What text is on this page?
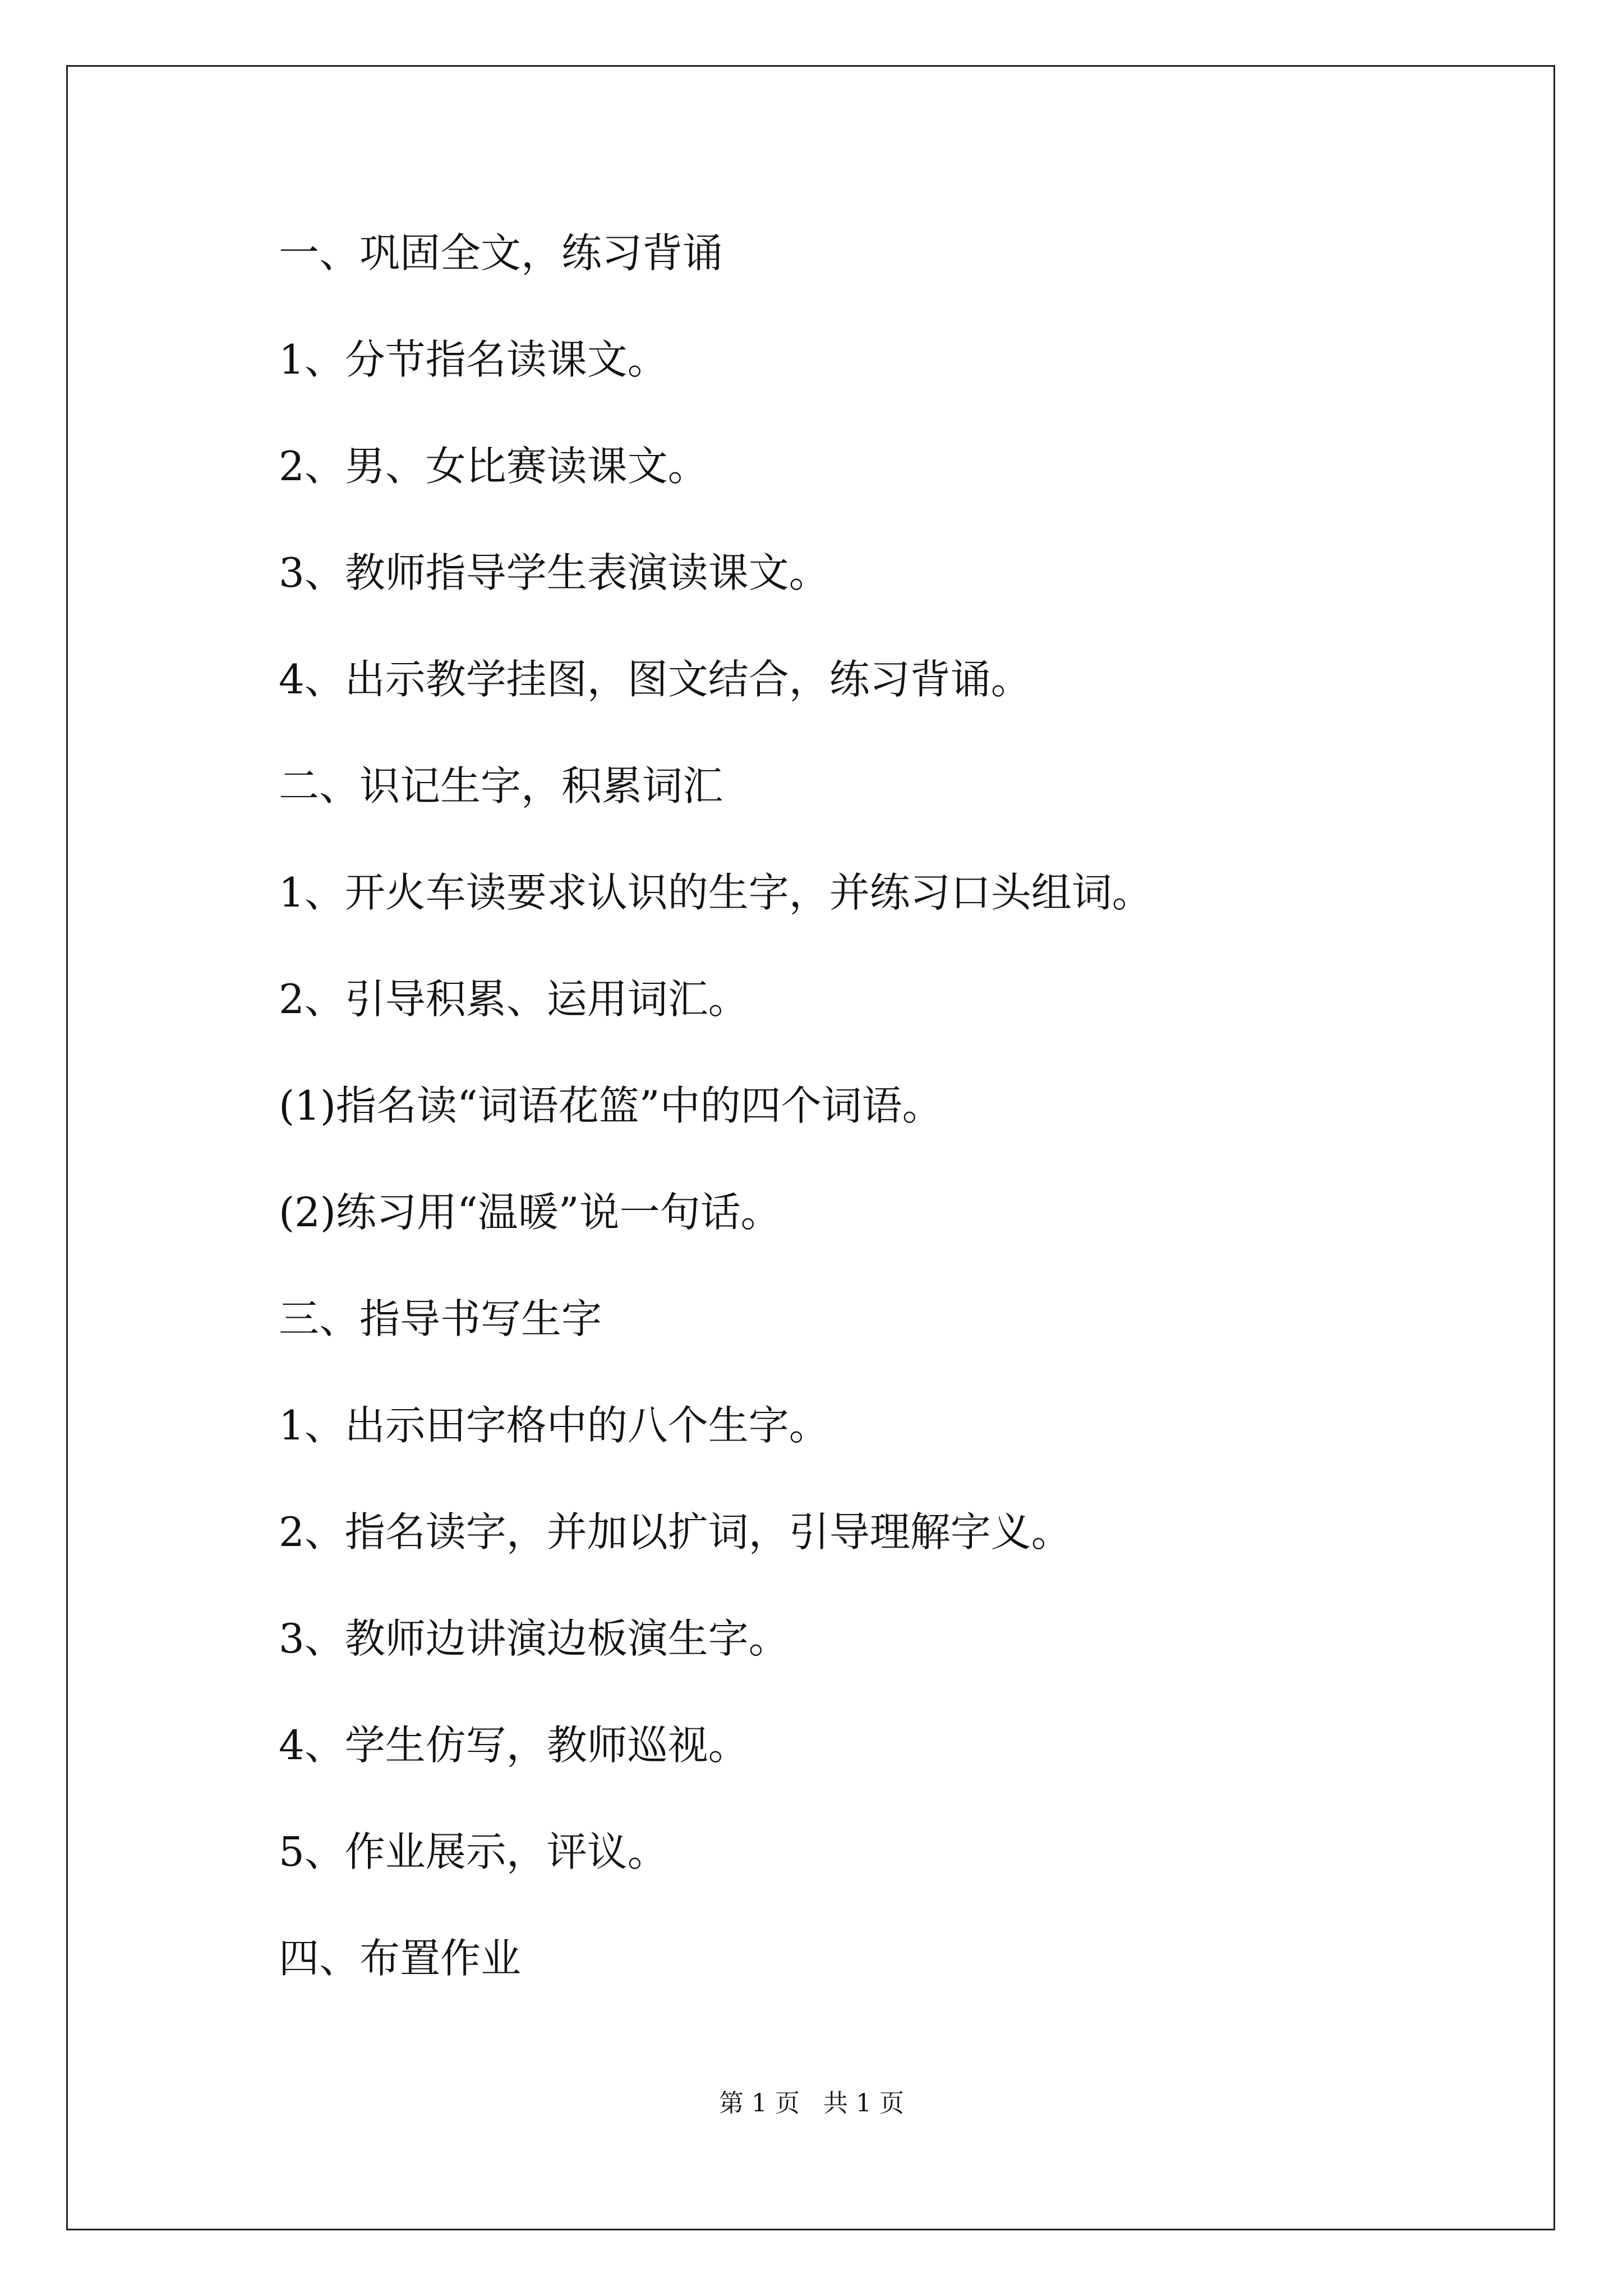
一、巩固全文，练习背诵
1、分节指名读课文。
2、男、女比赛读课文。
3、教师指导学生表演读课文。
4、出示教学挂图，图文结合，练习背诵。
二、识记生字，积累词汇
1、开火车读要求认识的生字，并练习口头组词。
2、引导积累、运用词汇。
(1)指名读“词语花篮”中的四个词语。
(2)练习用“温暖”说一句话。
三、指导书写生字
1、出示田字格中的八个生字。
2、指名读字，并加以扩词，引导理解字义。
3、教师边讲演边板演生字。
4、学生仿写，教师巡视。
5、作业展示，评议。
四、布置作业
第 1 页   共 1 页
